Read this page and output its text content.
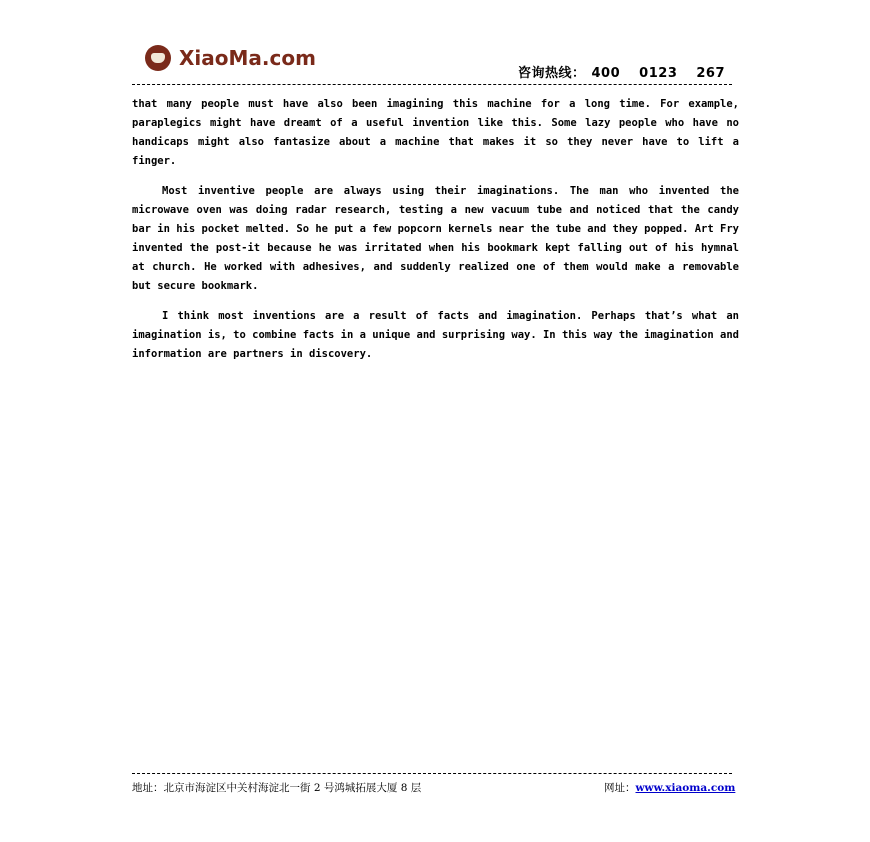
XiaoMa.com
咨询热线： 400 0123 267

that many people must have also been imagining this machine for a long time. For example, paraplegics might have dreamt of a useful invention like this. Some lazy people who have no handicaps might also fantasize about a machine that makes it so they never have to lift a finger.

Most inventive people are always using their imaginations. The man who invented the microwave oven was doing radar research, testing a new vacuum tube and noticed that the candy bar in his pocket melted. So he put a few popcorn kernels near the tube and they popped. Art Fry invented the post-it because he was irritated when his bookmark kept falling out of his hymnal at church. He worked with adhesives, and suddenly realized one of them would make a removable but secure bookmark.

I think most inventions are a result of facts and imagination. Perhaps that’s what an imagination is, to combine facts in a unique and surprising way. In this way the imagination and information are partners in discovery.

地址：北京市海淀区中关村海淀北一街 2 号鸿城拓展大厦 8 层	网址：www.xiaoma.com
